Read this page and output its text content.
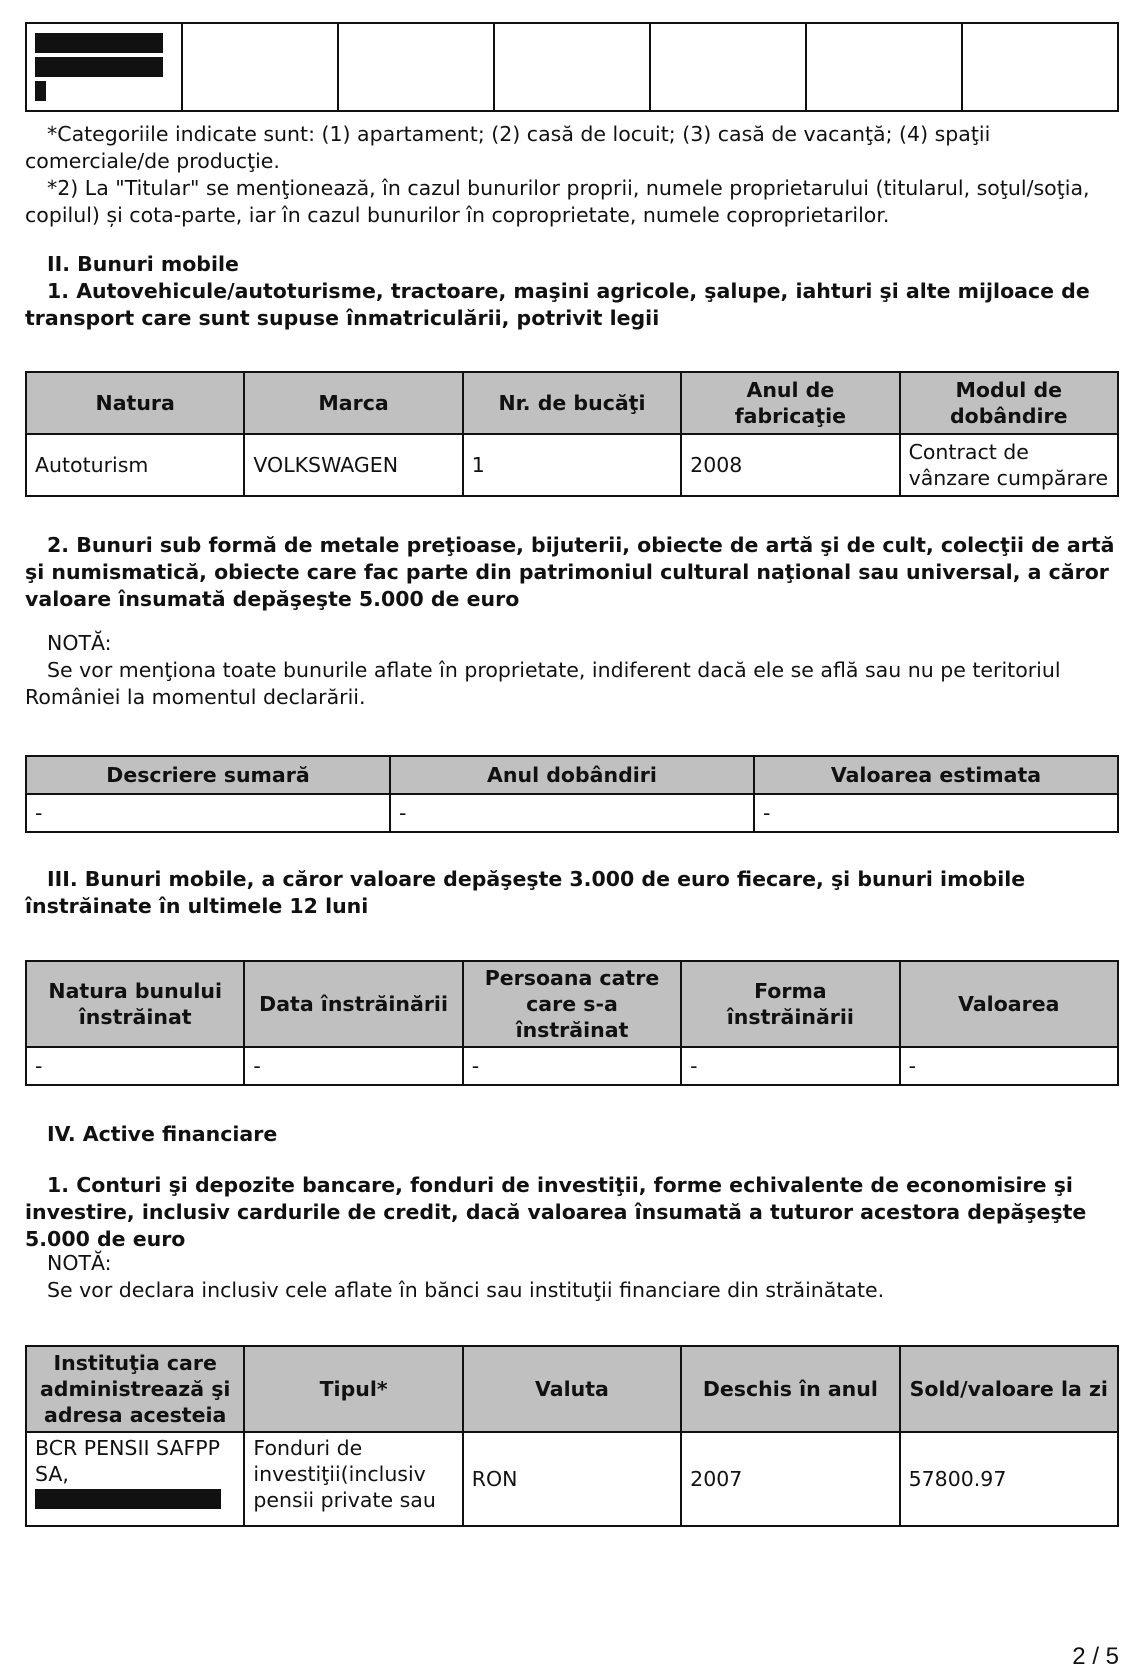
*Categoriile indicate sunt: (1) apartament; (2) casă de locuit; (3) casă de vacanţă; (4) spaţii comerciale/de producţie.

*2) La "Titular" se menţionează, în cazul bunurilor proprii, numele proprietarului (titularul, soţul/soţia, copilul) și cota-parte, iar în cazul bunurilor în coproprietate, numele coproprietarilor.

II. Bunuri mobile

1. Autovehicule/autoturisme, tractoare, maşini agricole, şalupe, iahturi şi alte mijloace de transport care sunt supuse înmatriculării, potrivit legii

Natura	Marca	Nr. de bucăţi	Anul de fabricaţie	Modul de dobândire
Autoturism	VOLKSWAGEN	1	2008	Contract de vânzare cumpărare

2. Bunuri sub formă de metale preţioase, bijuterii, obiecte de artă şi de cult, colecţii de artă şi numismatică, obiecte care fac parte din patrimoniul cultural naţional sau universal, a căror valoare însumată depăşeşte 5.000 de euro

NOTĂ:

Se vor menţiona toate bunurile aflate în proprietate, indiferent dacă ele se află sau nu pe teritoriul României la momentul declarării.

Descriere sumară	Anul dobândiri	Valoarea estimata
-	-	-

III. Bunuri mobile, a căror valoare depăşeşte 3.000 de euro fiecare, şi bunuri imobile înstrăinate în ultimele 12 luni

Natura bunului înstrăinat	Data înstrăinării	Persoana catre care s-a înstrăinat	Forma înstrăinării	Valoarea
-	-	-	-	-

IV. Active financiare

1. Conturi şi depozite bancare, fonduri de investiţii, forme echivalente de economisire şi investire, inclusiv cardurile de credit, dacă valoarea însumată a tuturor acestora depăşeşte 5.000 de euro

NOTĂ:

Se vor declara inclusiv cele aflate în bănci sau instituţii financiare din străinătate.

Instituţia care administrează şi adresa acesteia	Tipul*	Valuta	Deschis în anul	Sold/valoare la zi
BCR PENSII SAFPP SA,	Fonduri de investiţii(inclusiv pensii private sau	RON	2007	57800.97
2 / 5
